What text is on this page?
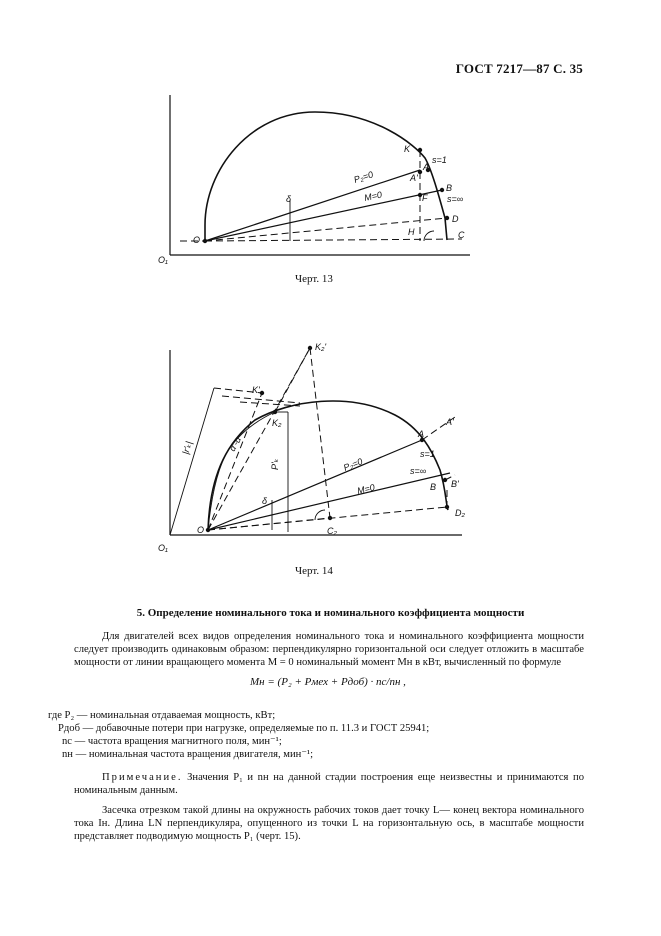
ГОСТ 7217—87 С. 35
O
O₁
K
s=1
A
A'
P₂=0
M=0
B
s=∞
F
D
H	C
δ
Черт. 13
K₂'
K'
K₂
A
A'
s=1
P₂=0
M=0
s=∞
B B'
D₂
C₂
O
O₁
P'ₖ
|r'ₖ|
δ
α'-α
Черт. 14
5. Определение номинального тока и номинального коэффициента мощности
Для двигателей всех видов определения номинального тока и номинального коэффициента мощности следует производить одинаковым образом: перпендикулярно горизонтальной оси следует отложить в масштабе мощности от линии вращающего момента M = 0 номинальный момент Mн в кВт, вычисленный по формуле
Mн = (P₂ + Pмех + Pдоб) · nс/nн ,
где P₂ — номинальная отдаваемая мощность, кВт;
Pдоб — добавочные потери при нагрузке, определяемые по п. 11.3 и ГОСТ 25941;
nс — частота вращения магнитного поля, мин⁻¹;
nн — номинальная частота вращения двигателя, мин⁻¹;
Примечание. Значения P₁ и nн на данной стадии построения еще неизвестны и принимаются по номинальным данным.
Засечка отрезком такой длины на окружность рабочих токов дает точку L— конец вектора номинального тока Iн. Длина LN перпендикуляра, опущенного из точки L на горизонтальную ось, в масштабе мощности представляет подводимую мощность P₁ (черт. 15).
